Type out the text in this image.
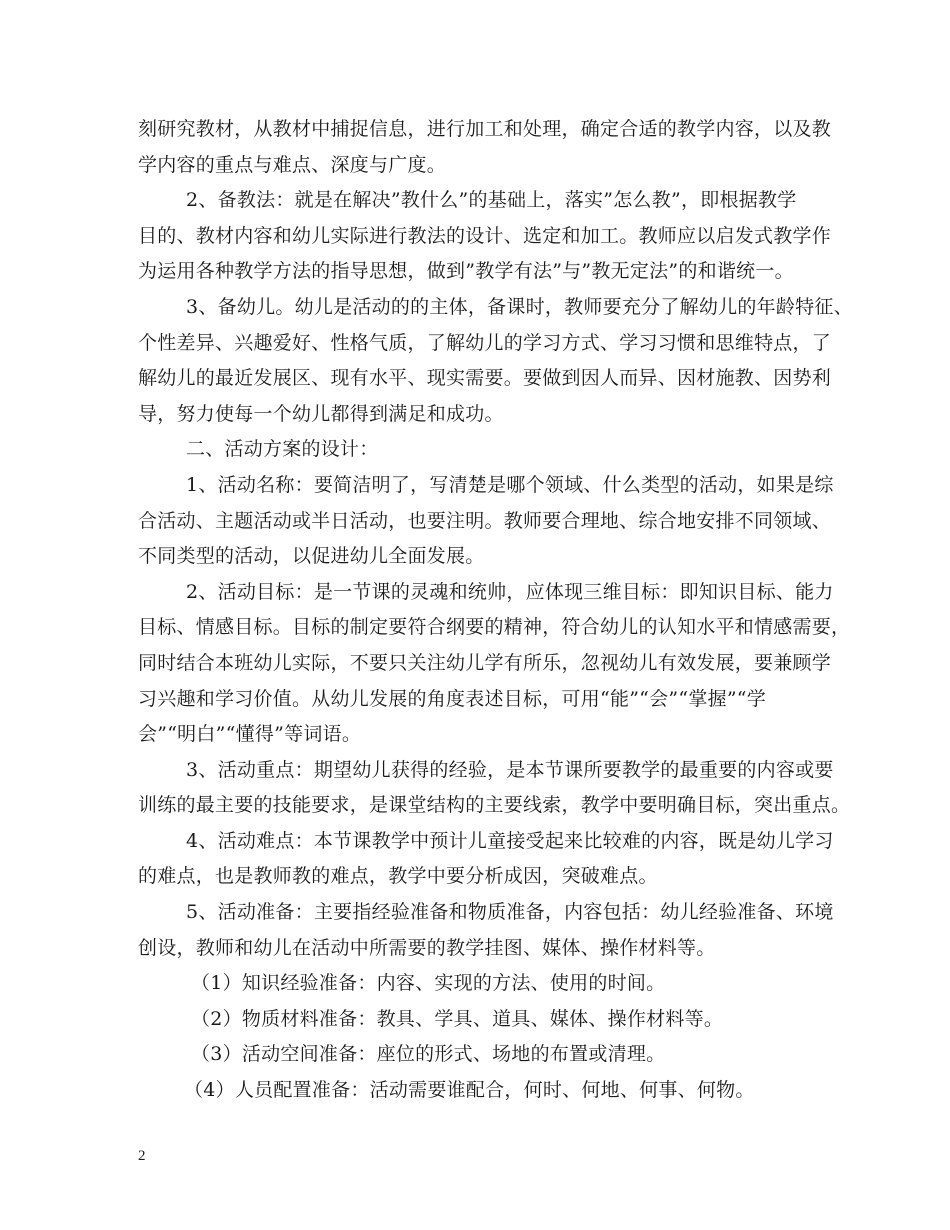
刻研究教材，从教材中捕捉信息，进行加工和处理，确定合适的教学内容，以及教
学内容的重点与难点、深度与广度。
2、备教法：就是在解决”教什么”的基础上，落实”怎么教”，即根据教学
目的、教材内容和幼儿实际进行教法的设计、选定和加工。教师应以启发式教学作
为运用各种教学方法的指导思想，做到”教学有法”与”教无定法”的和谐统一。
3、备幼儿。幼儿是活动的的主体，备课时，教师要充分了解幼儿的年龄特征、
个性差异、兴趣爱好、性格气质，了解幼儿的学习方式、学习习惯和思维特点，了
解幼儿的最近发展区、现有水平、现实需要。要做到因人而异、因材施教、因势利
导，努力使每一个幼儿都得到满足和成功。
二、活动方案的设计：
1、活动名称：要简洁明了，写清楚是哪个领域、什么类型的活动，如果是综
合活动、主题活动或半日活动，也要注明。教师要合理地、综合地安排不同领域、
不同类型的活动，以促进幼儿全面发展。
2、活动目标：是一节课的灵魂和统帅，应体现三维目标：即知识目标、能力
目标、情感目标。目标的制定要符合纲要的精神，符合幼儿的认知水平和情感需要，
同时结合本班幼儿实际，不要只关注幼儿学有所乐，忽视幼儿有效发展，要兼顾学
习兴趣和学习价值。从幼儿发展的角度表述目标，可用“能”“会”“掌握”“学
会”“明白”“懂得”等词语。
3、活动重点：期望幼儿获得的经验，是本节课所要教学的最重要的内容或要
训练的最主要的技能要求，是课堂结构的主要线索，教学中要明确目标，突出重点。
4、活动难点：本节课教学中预计儿童接受起来比较难的内容，既是幼儿学习
的难点，也是教师教的难点，教学中要分析成因，突破难点。
5、活动准备：主要指经验准备和物质准备，内容包括：幼儿经验准备、环境
创设，教师和幼儿在活动中所需要的教学挂图、媒体、操作材料等。
（1）知识经验准备：内容、实现的方法、使用的时间。
（2）物质材料准备：教具、学具、道具、媒体、操作材料等。
（3）活动空间准备：座位的形式、场地的布置或清理。
（4）人员配置准备：活动需要谁配合，何时、何地、何事、何物。
2
